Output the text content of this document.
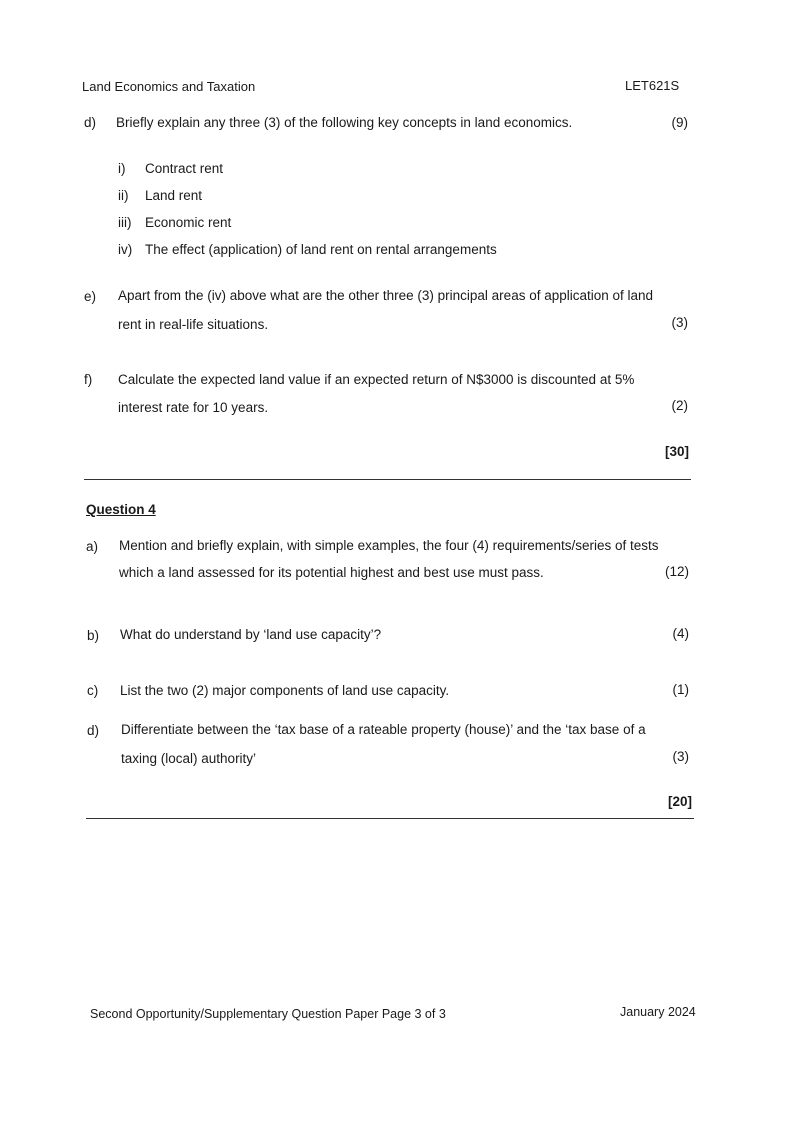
Land Economics and Taxation	LET621S
d) Briefly explain any three (3) of the following key concepts in land economics.	(9)
i) Contract rent
ii) Land rent
iii) Economic rent
iv) The effect (application) of land rent on rental arrangements
e) Apart from the (iv) above what are the other three (3) principal areas of application of land
rent in real-life situations.	(3)
f) Calculate the expected land value if an expected return of N$3000 is discounted at 5%
interest rate for 10 years.	(2)
[30]
Question 4
a) Mention and briefly explain, with simple examples, the four (4) requirements/series of tests
which a land assessed for its potential highest and best use must pass.	(12)
b) What do understand by ‘land use capacity’?	(4)
c) List the two (2) major components of land use capacity.	(1)
d) Differentiate between the ‘tax base of a rateable property (house)’ and the ‘tax base of a
taxing (local) authority’	(3)
[20]
Second Opportunity/Supplementary Question Paper Page 3 of 3	January 2024
